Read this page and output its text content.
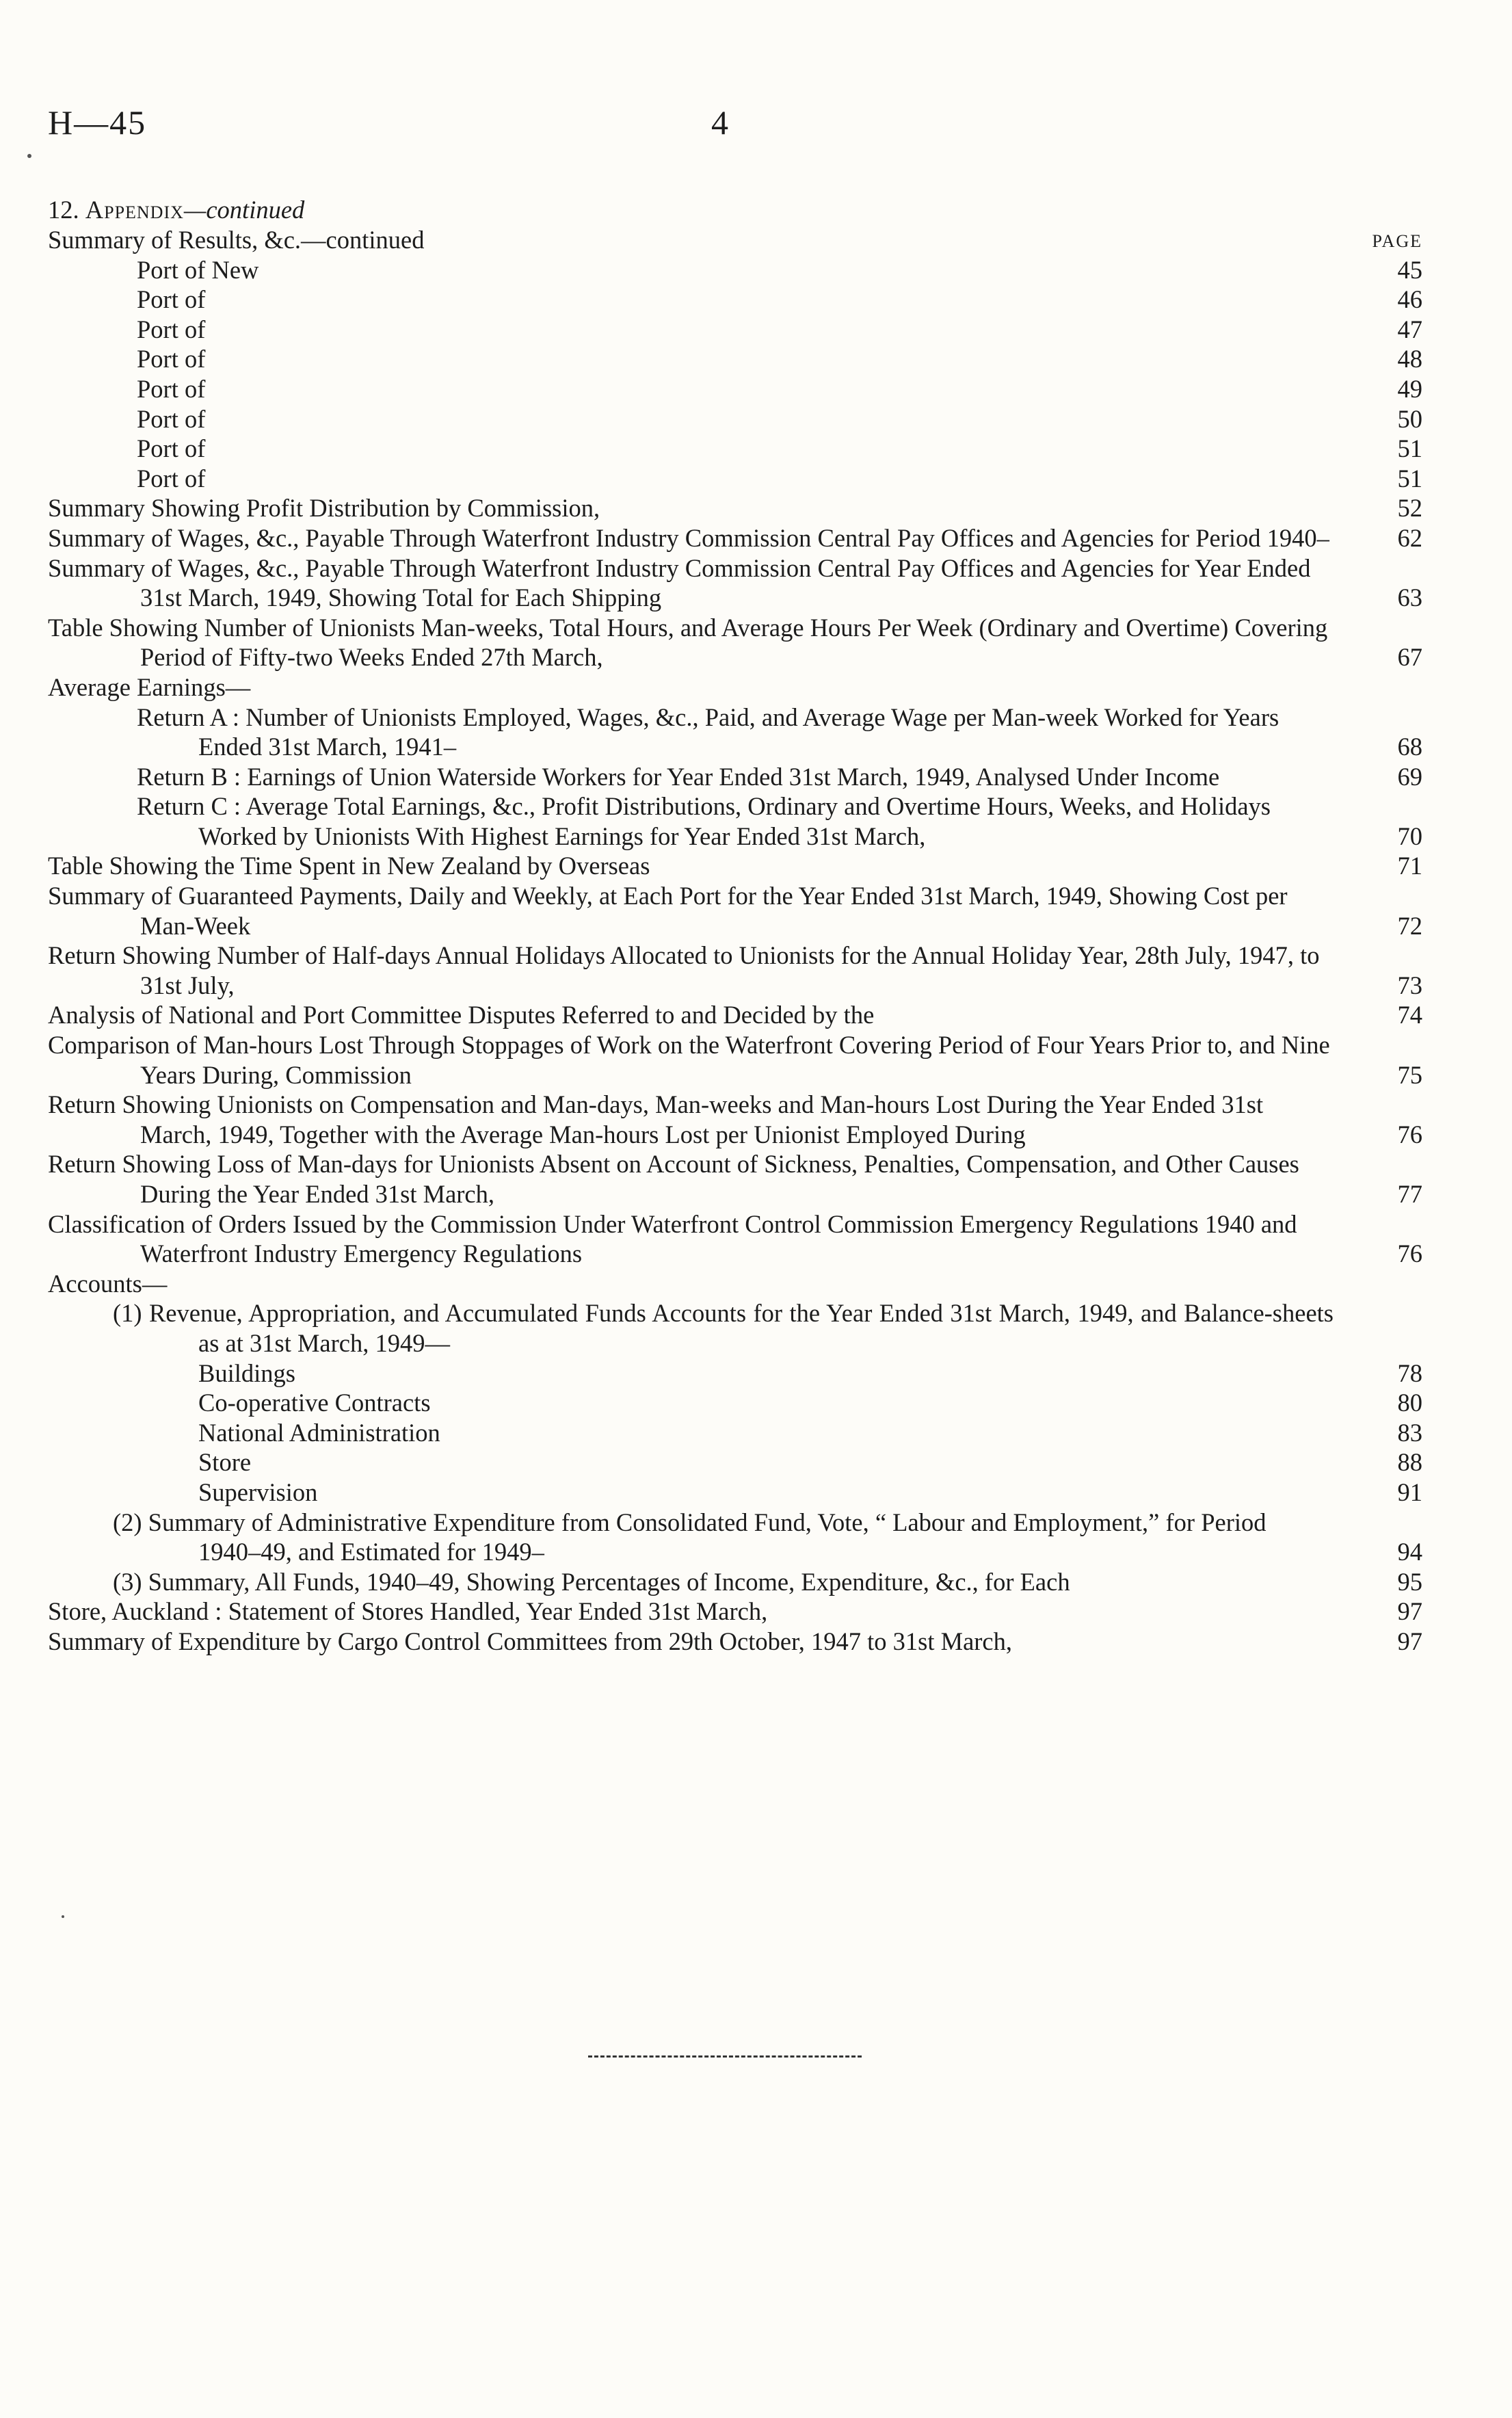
H—45	4
12. Appendix—continued
PAGE
Summary of Results, &c.—continued
Port of New	45
Port of	46
Port of	47
Port of	48
Port of	49
Port of	50
Port of	51
Port of	51
Summary Showing Profit Distribution by Commission,	52
Summary of Wages, &c., Payable Through Waterfront Industry Commission Central Pay Offices and Agencies for Period 1940–	62
Summary of Wages, &c., Payable Through Waterfront Industry Commission Central Pay Offices and Agencies for Year Ended 31st March, 1949, Showing Total for Each Shipping	63
Table Showing Number of Unionists Man-weeks, Total Hours, and Average Hours Per Week (Ordinary and Overtime) Covering Period of Fifty-two Weeks Ended 27th March,	67
Average Earnings—
Return A : Number of Unionists Employed, Wages, &c., Paid, and Average Wage per Man-week Worked for Years Ended 31st March, 1941–	68
Return B : Earnings of Union Waterside Workers for Year Ended 31st March, 1949, Analysed Under Income	69
Return C : Average Total Earnings, &c., Profit Distributions, Ordinary and Overtime Hours, Weeks, and Holidays Worked by Unionists With Highest Earnings for Year Ended 31st March,	70
Table Showing the Time Spent in New Zealand by Overseas	71
Summary of Guaranteed Payments, Daily and Weekly, at Each Port for the Year Ended 31st March, 1949, Showing Cost per Man-Week	72
Return Showing Number of Half-days Annual Holidays Allocated to Unionists for the Annual Holiday Year, 28th July, 1947, to 31st July,	73
Analysis of National and Port Committee Disputes Referred to and Decided by the	74
Comparison of Man-hours Lost Through Stoppages of Work on the Waterfront Covering Period of Four Years Prior to, and Nine Years During, Commission	75
Return Showing Unionists on Compensation and Man-days, Man-weeks and Man-hours Lost During the Year Ended 31st March, 1949, Together with the Average Man-hours Lost per Unionist Employed During	76
Return Showing Loss of Man-days for Unionists Absent on Account of Sickness, Penalties, Compensation, and Other Causes During the Year Ended 31st March,	77
Classification of Orders Issued by the Commission Under Waterfront Control Commission Emergency Regulations 1940 and Waterfront Industry Emergency Regulations	76
Accounts—
(1) Revenue, Appropriation, and Accumulated Funds Accounts for the Year Ended 31st March, 1949, and Balance-sheets as at 31st March, 1949—
Buildings	78
Co-operative Contracts	80
National Administration	83
Store	88
Supervision	91
(2) Summary of Administrative Expenditure from Consolidated Fund, Vote, “ Labour and Employment,” for Period 1940–49, and Estimated for 1949–	94
(3) Summary, All Funds, 1940–49, Showing Percentages of Income, Expenditure, &c., for Each	95
Store, Auckland : Statement of Stores Handled, Year Ended 31st March,	97
Summary of Expenditure by Cargo Control Committees from 29th October, 1947 to 31st March,	97
